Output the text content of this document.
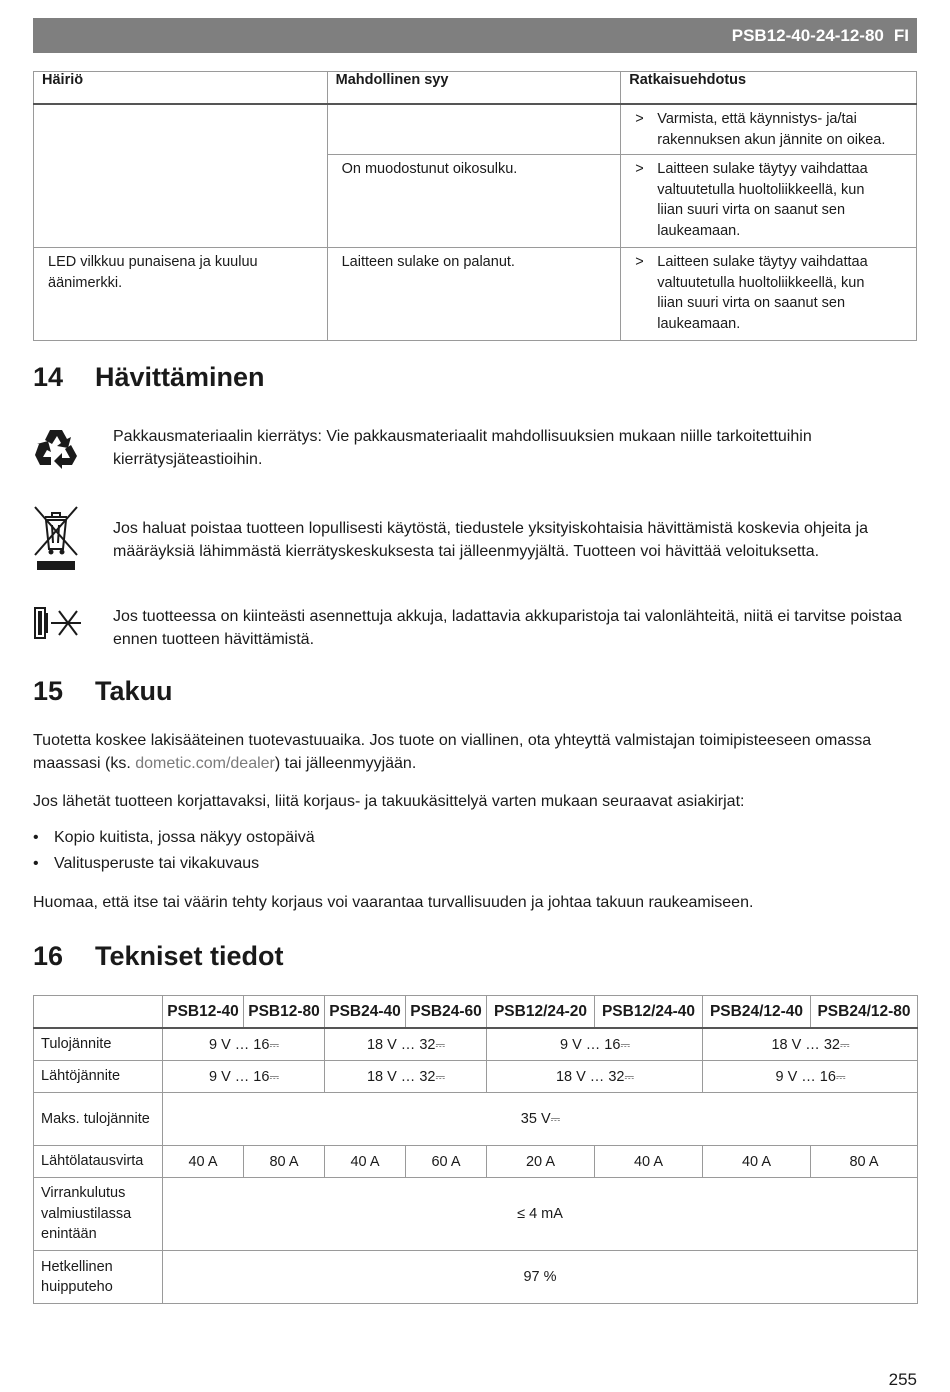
PSB12-40-24-12-80 FI
Häiriö	Mahdollinen syy	Ratkaisuehdotus

		> Varmista, että käynnistys- ja/tai rakennuksen akun jännite on oikea.

	On muodostunut oikosulku.	> Laitteen sulake täytyy vaihdattaa valtuutetulla huoltoliikkeellä, kun liian suuri virta on saanut sen laukeamaan.

LED vilkkuu punaisena ja kuuluu äänimerkki.	Laitteen sulake on palanut.	> Laitteen sulake täytyy vaihdattaa valtuutetulla huoltoliikkeellä, kun liian suuri virta on saanut sen laukeamaan.
14 Hävittäminen
Pakkausmateriaalin kierrätys: Vie pakkausmateriaalit mahdollisuuksien mukaan niille tarkoitettuihin kierrätysjäteastioihin.
Jos haluat poistaa tuotteen lopullisesti käytöstä, tiedustele yksityiskohtaisia hävittämistä koskevia ohjeita ja määräyksiä lähimmästä kierrätyskeskuksesta tai jälleenmyyjältä. Tuotteen voi hävittää veloituksetta.
Jos tuotteessa on kiinteästi asennettuja akkuja, ladattavia akkuparistoja tai valonlähteitä, niitä ei tarvitse poistaa ennen tuotteen hävittämistä.
15 Takuu

Tuotetta koskee lakisääteinen tuotevastuuaika. Jos tuote on viallinen, ota yhteyttä valmistajan toimipisteeseen omassa maassasi (ks. dometic.com/dealer) tai jälleenmyyjään.

Jos lähetät tuotteen korjattavaksi, liitä korjaus- ja takuukäsittelyä varten mukaan seuraavat asiakirjat:

• Kopio kuitista, jossa näkyy ostopäivä
• Valitusperuste tai vikakuvaus

Huomaa, että itse tai väärin tehty korjaus voi vaarantaa turvallisuuden ja johtaa takuun raukeamiseen.

16 Tekniset tiedot
	PSB12-40	PSB12-80	PSB24-40	PSB24-60	PSB12/24-20	PSB12/24-40	PSB24/12-40	PSB24/12-80
Tulojännite	9 V … 16⎓		18 V … 32⎓		9 V … 16⎓		18 V … 32⎓	
Lähtöjännite	9 V … 16⎓		18 V … 32⎓		18 V … 32⎓		9 V … 16⎓	
Maks. tulojännite	35 V⎓							
Lähtölatausvirta	40 A	80 A	40 A	60 A	20 A	40 A	40 A	80 A
Virrankulutus valmiustilassa enintään	≤ 4 mA							
Hetkellinen huipputeho	97 %							
255
